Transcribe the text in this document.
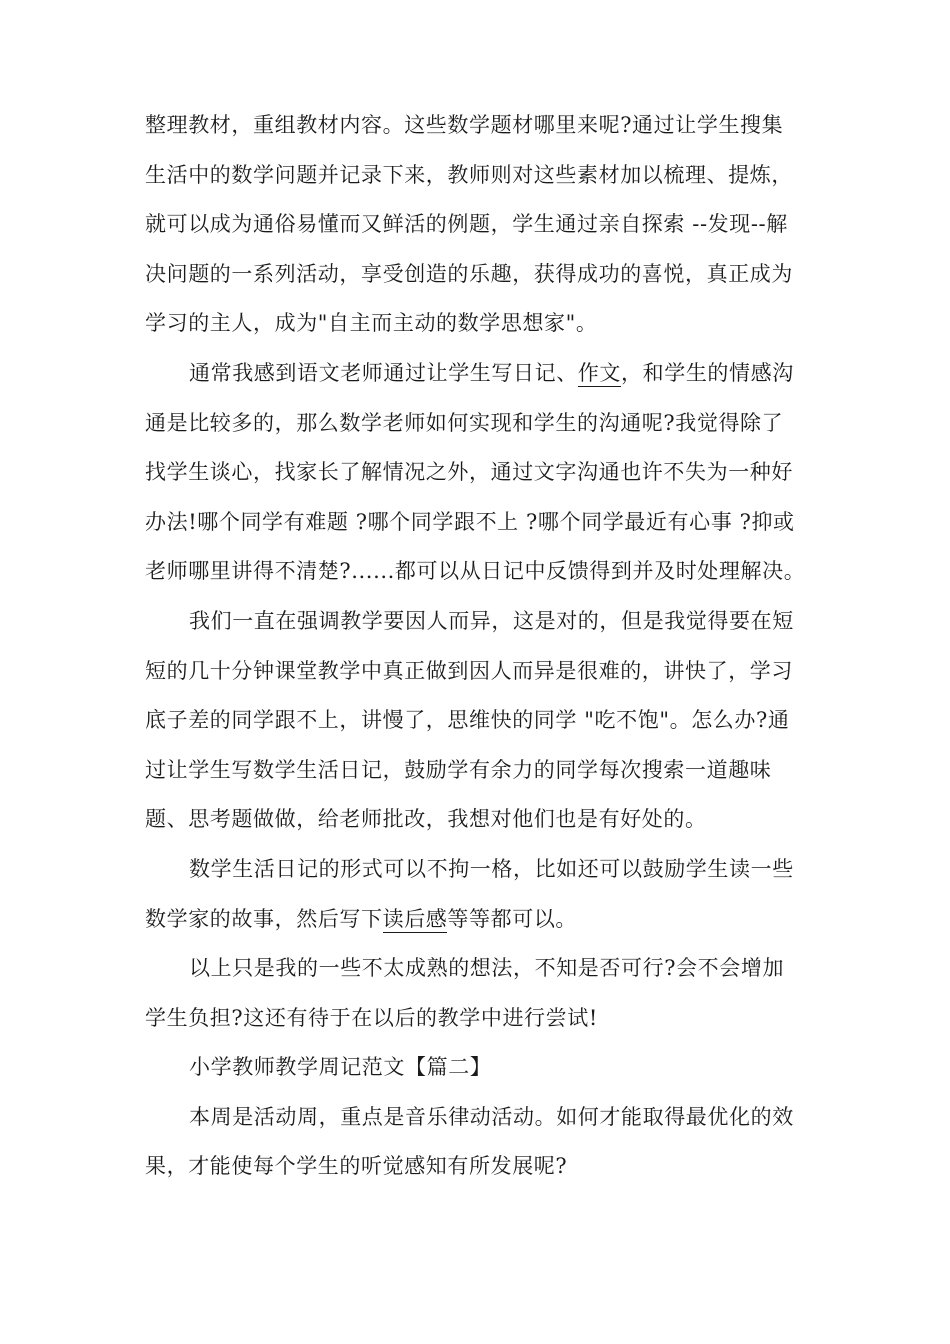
整理教材，重组教材内容。这些数学题材哪里来呢?通过让学生搜集
生活中的数学问题并记录下来，教师则对这些素材加以梳理、提炼，
就可以成为通俗易懂而又鲜活的例题，学生通过亲自探索 --发现--解
决问题的一系列活动，享受创造的乐趣，获得成功的喜悦，真正成为
学习的主人，成为"自主而主动的数学思想家"。
通常我感到语文老师通过让学生写日记、作文，和学生的情感沟
通是比较多的，那么数学老师如何实现和学生的沟通呢?我觉得除了
找学生谈心，找家长了解情况之外，通过文字沟通也许不失为一种好
办法!哪个同学有难题 ?哪个同学跟不上 ?哪个同学最近有心事 ?抑或
老师哪里讲得不清楚?......都可以从日记中反馈得到并及时处理解决。
我们一直在强调教学要因人而异，这是对的，但是我觉得要在短
短的几十分钟课堂教学中真正做到因人而异是很难的，讲快了，学习
底子差的同学跟不上，讲慢了，思维快的同学 "吃不饱"。怎么办?通
过让学生写数学生活日记，鼓励学有余力的同学每次搜索一道趣味
题、思考题做做，给老师批改，我想对他们也是有好处的。
数学生活日记的形式可以不拘一格，比如还可以鼓励学生读一些
数学家的故事，然后写下读后感等等都可以。
以上只是我的一些不太成熟的想法，不知是否可行?会不会增加
学生负担?这还有待于在以后的教学中进行尝试!
小学教师教学周记范文【篇二】
本周是活动周，重点是音乐律动活动。如何才能取得最优化的效
果，才能使每个学生的听觉感知有所发展呢?
